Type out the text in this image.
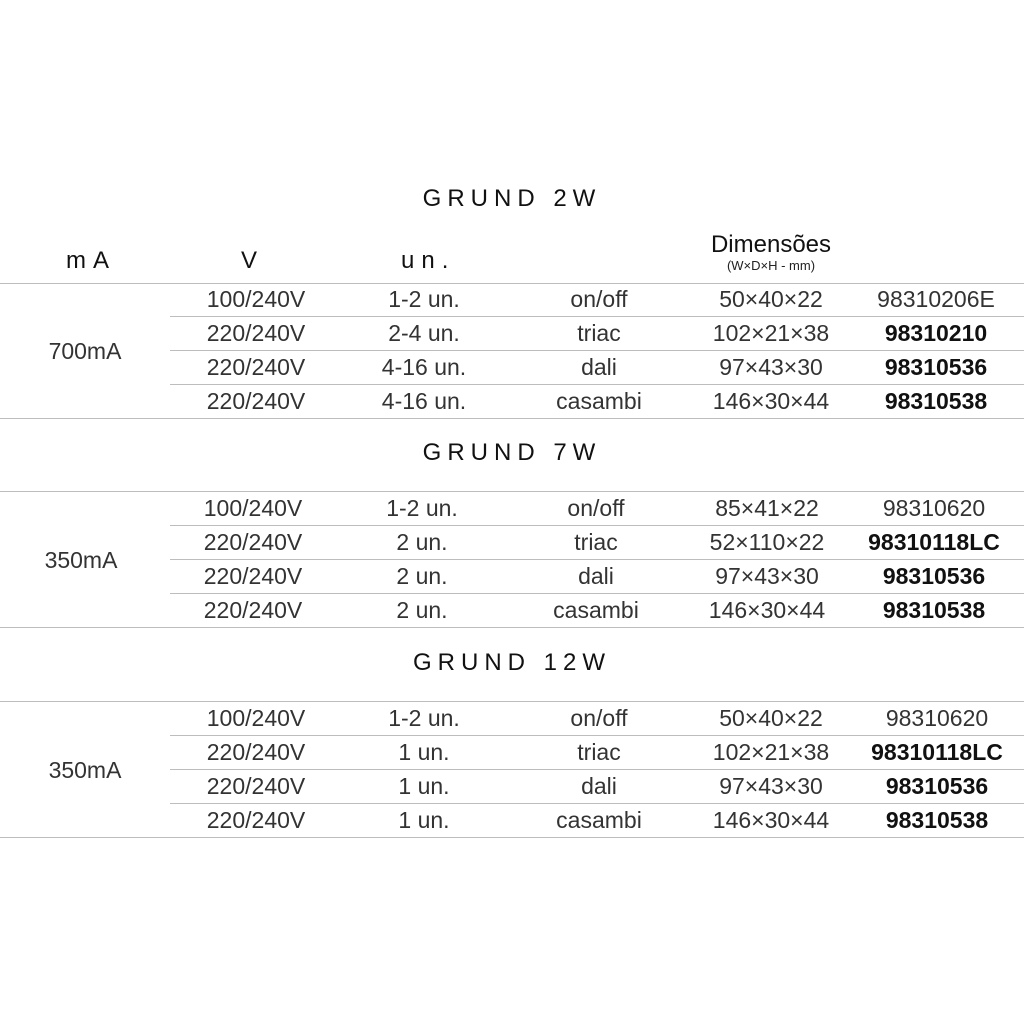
mA	V	un.
Dimensões
(W×D×H - mm)
GRUND 2W
700mA
100/240V	1-2 un.	on/off	50×40×22 98310206E
220/240V	2-4 un.	triac	102×21×38 98310210
220/240V	4-16 un.	dali	97×43×30	98310536
220/240V	4-16 un.	casambi	146×30×44 98310538
GRUND 7W
350mA
100/240V	1-2 un.	on/off	85×41×22	98310620
220/240V	2 un.	triac	52×110×22 98310118LC
220/240V	2 un.	dali	97×43×30	98310536
220/240V	2 un.	casambi	146×30×44	98310538
GRUND 12W
350mA
100/240V	1-2 un.	on/off	50×40×22	98310620
220/240V	1 un.	triac	102×21×38 98310118LC
220/240V	1 un.	dali	97×43×30	98310536
220/240V	1 un.	casambi	146×30×44 98310538
